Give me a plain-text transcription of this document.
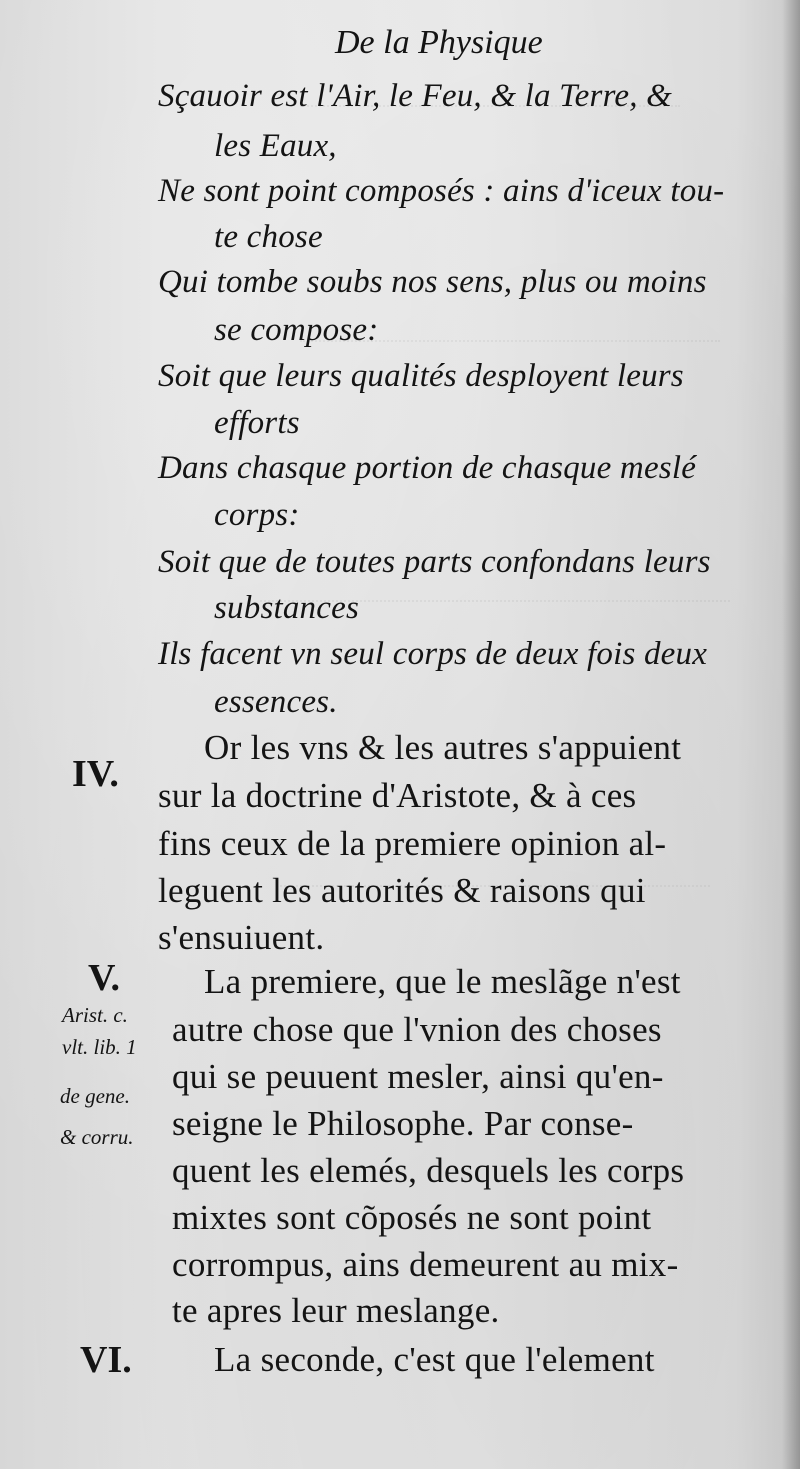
De la Physique
Sçauoir est l'Air, le Feu, & la Terre, &
les Eaux,
Ne sont point composés : ains d'iceux tou-
te chose
Qui tombe soubs nos sens, plus ou moins
se compose:
Soit que leurs qualités desployent leurs
efforts
Dans chasque portion de chasque meslé
corps:
Soit que de toutes parts confondans leurs
substances
Ils facent vn seul corps de deux fois deux
essences.
IV.
Or les vns & les autres s'appuient
sur la doctrine d'Aristote, & à ces
fins ceux de la premiere opinion al-
leguent les autorités & raisons qui
s'ensuiuent.
V.
Arist. c.
vlt. lib. 1
de gene.
& corru.
La premiere, que le meslãge n'est
autre chose que l'vnion des choses
qui se peuuent mesler, ainsi qu'en-
seigne le Philosophe. Par conse-
quent les elemés, desquels les corps
mixtes sont cõposés ne sont point
corrompus, ains demeurent au mix-
te apres leur meslange.
VI. La seconde, c'est que l'element
